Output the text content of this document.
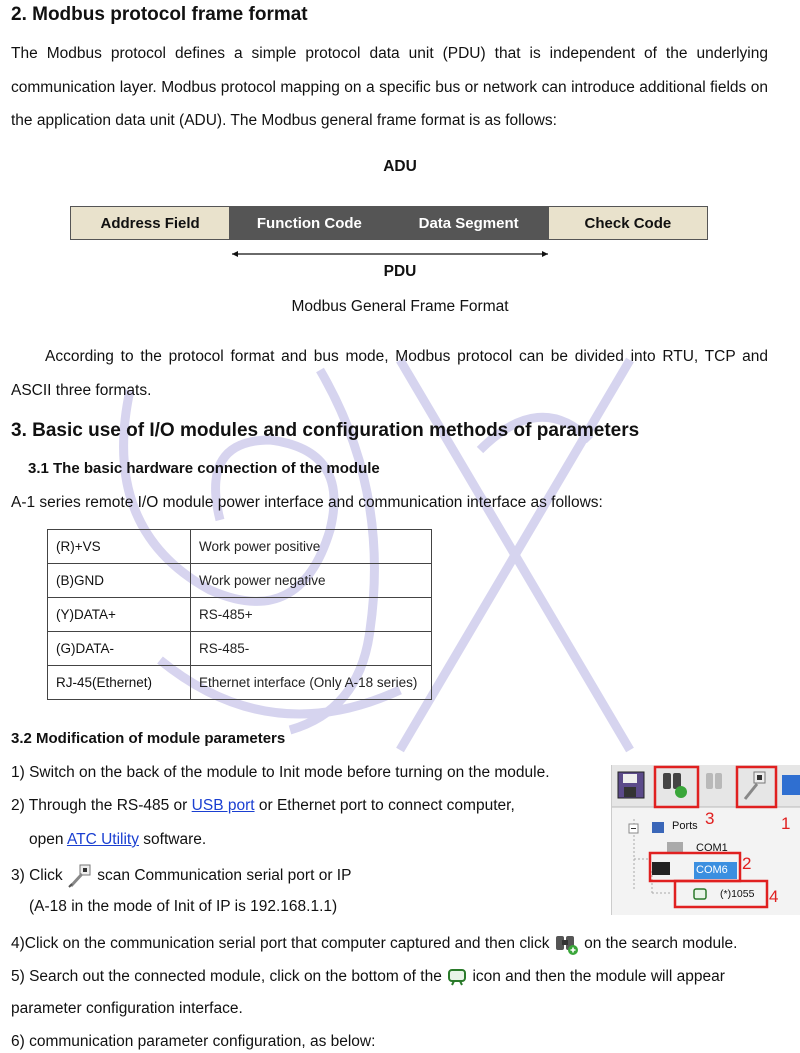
2. Modbus protocol frame format
The Modbus protocol defines a simple protocol data unit (PDU) that is independent of the underlying communication layer. Modbus protocol mapping on a specific bus or network can introduce additional fields on the application data unit (ADU). The Modbus general frame format is as follows:
ADU
Address Field	Function Code	Data Segment	Check Code
PDU
Modbus General Frame Format
According to the protocol format and bus mode, Modbus protocol can be divided into RTU, TCP and ASCII three formats.
3. Basic use of I/O modules and configuration methods of parameters
3.1 The basic hardware connection of the module
A-1 series remote I/O module power interface and communication interface as follows:
(R)+VS	Work power positive
(B)GND	Work power negative
(Y)DATA+	RS-485+
(G)DATA-	RS-485-
RJ-45(Ethernet)	Ethernet interface (Only A-18 series)
3.2 Modification of module parameters
1) Switch on the back of the module to Init mode before turning on the module.
2) Through the RS-485 or USB port or Ethernet port to connect computer,
open ATC Utility software.
3) Click  scan Communication serial port or IP
(A-18 in the mode of Init of IP is 192.168.1.1)
4)Click on the communication serial port that computer captured and then click  on the search module.
5) Search out the connected module, click on the bottom of the  icon and then the module will appear
parameter configuration interface.
6) communication parameter configuration, as below:
Ports
COM1
COM6
(*)1055
1
2
3
4
